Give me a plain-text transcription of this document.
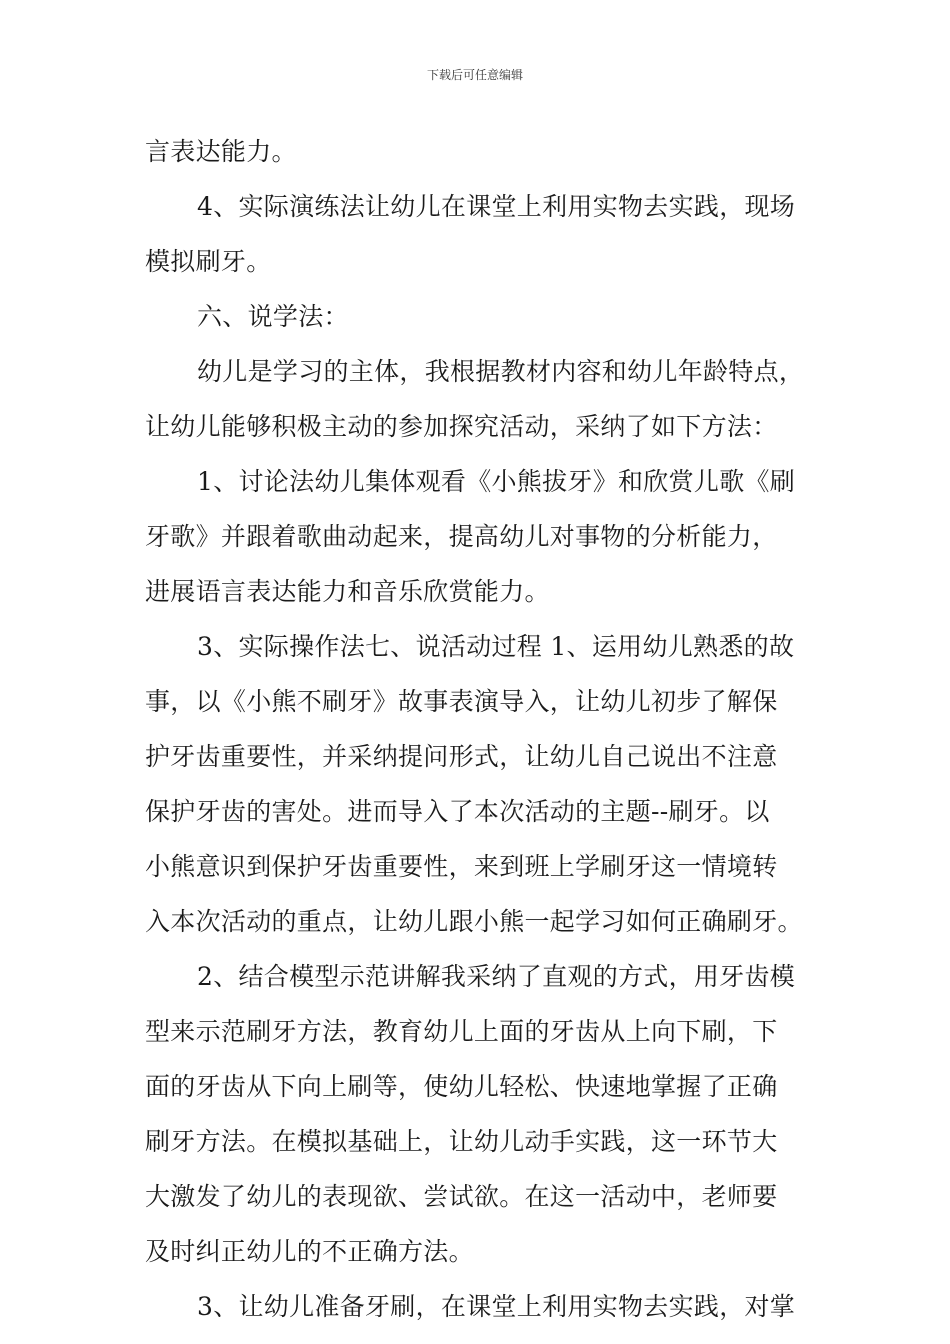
下载后可任意编辑
言表达能力。
4、实际演练法让幼儿在课堂上利用实物去实践，现场
模拟刷牙。
六、说学法：
幼儿是学习的主体，我根据教材内容和幼儿年龄特点，
让幼儿能够积极主动的参加探究活动，采纳了如下方法：
1、讨论法幼儿集体观看《小熊拔牙》和欣赏儿歌《刷
牙歌》并跟着歌曲动起来，提高幼儿对事物的分析能力，
进展语言表达能力和音乐欣赏能力。
3、实际操作法七、说活动过程 1、运用幼儿熟悉的故
事，以《小熊不刷牙》故事表演导入，让幼儿初步了解保
护牙齿重要性，并采纳提问形式，让幼儿自己说出不注意
保护牙齿的害处。进而导入了本次活动的主题--刷牙。以
小熊意识到保护牙齿重要性，来到班上学刷牙这一情境转
入本次活动的重点，让幼儿跟小熊一起学习如何正确刷牙。
2、结合模型示范讲解我采纳了直观的方式，用牙齿模
型来示范刷牙方法，教育幼儿上面的牙齿从上向下刷，下
面的牙齿从下向上刷等，使幼儿轻松、快速地掌握了正确
刷牙方法。在模拟基础上，让幼儿动手实践，这一环节大
大激发了幼儿的表现欲、尝试欲。在这一活动中，老师要
及时纠正幼儿的不正确方法。
3、让幼儿准备牙刷，在课堂上利用实物去实践，对掌
